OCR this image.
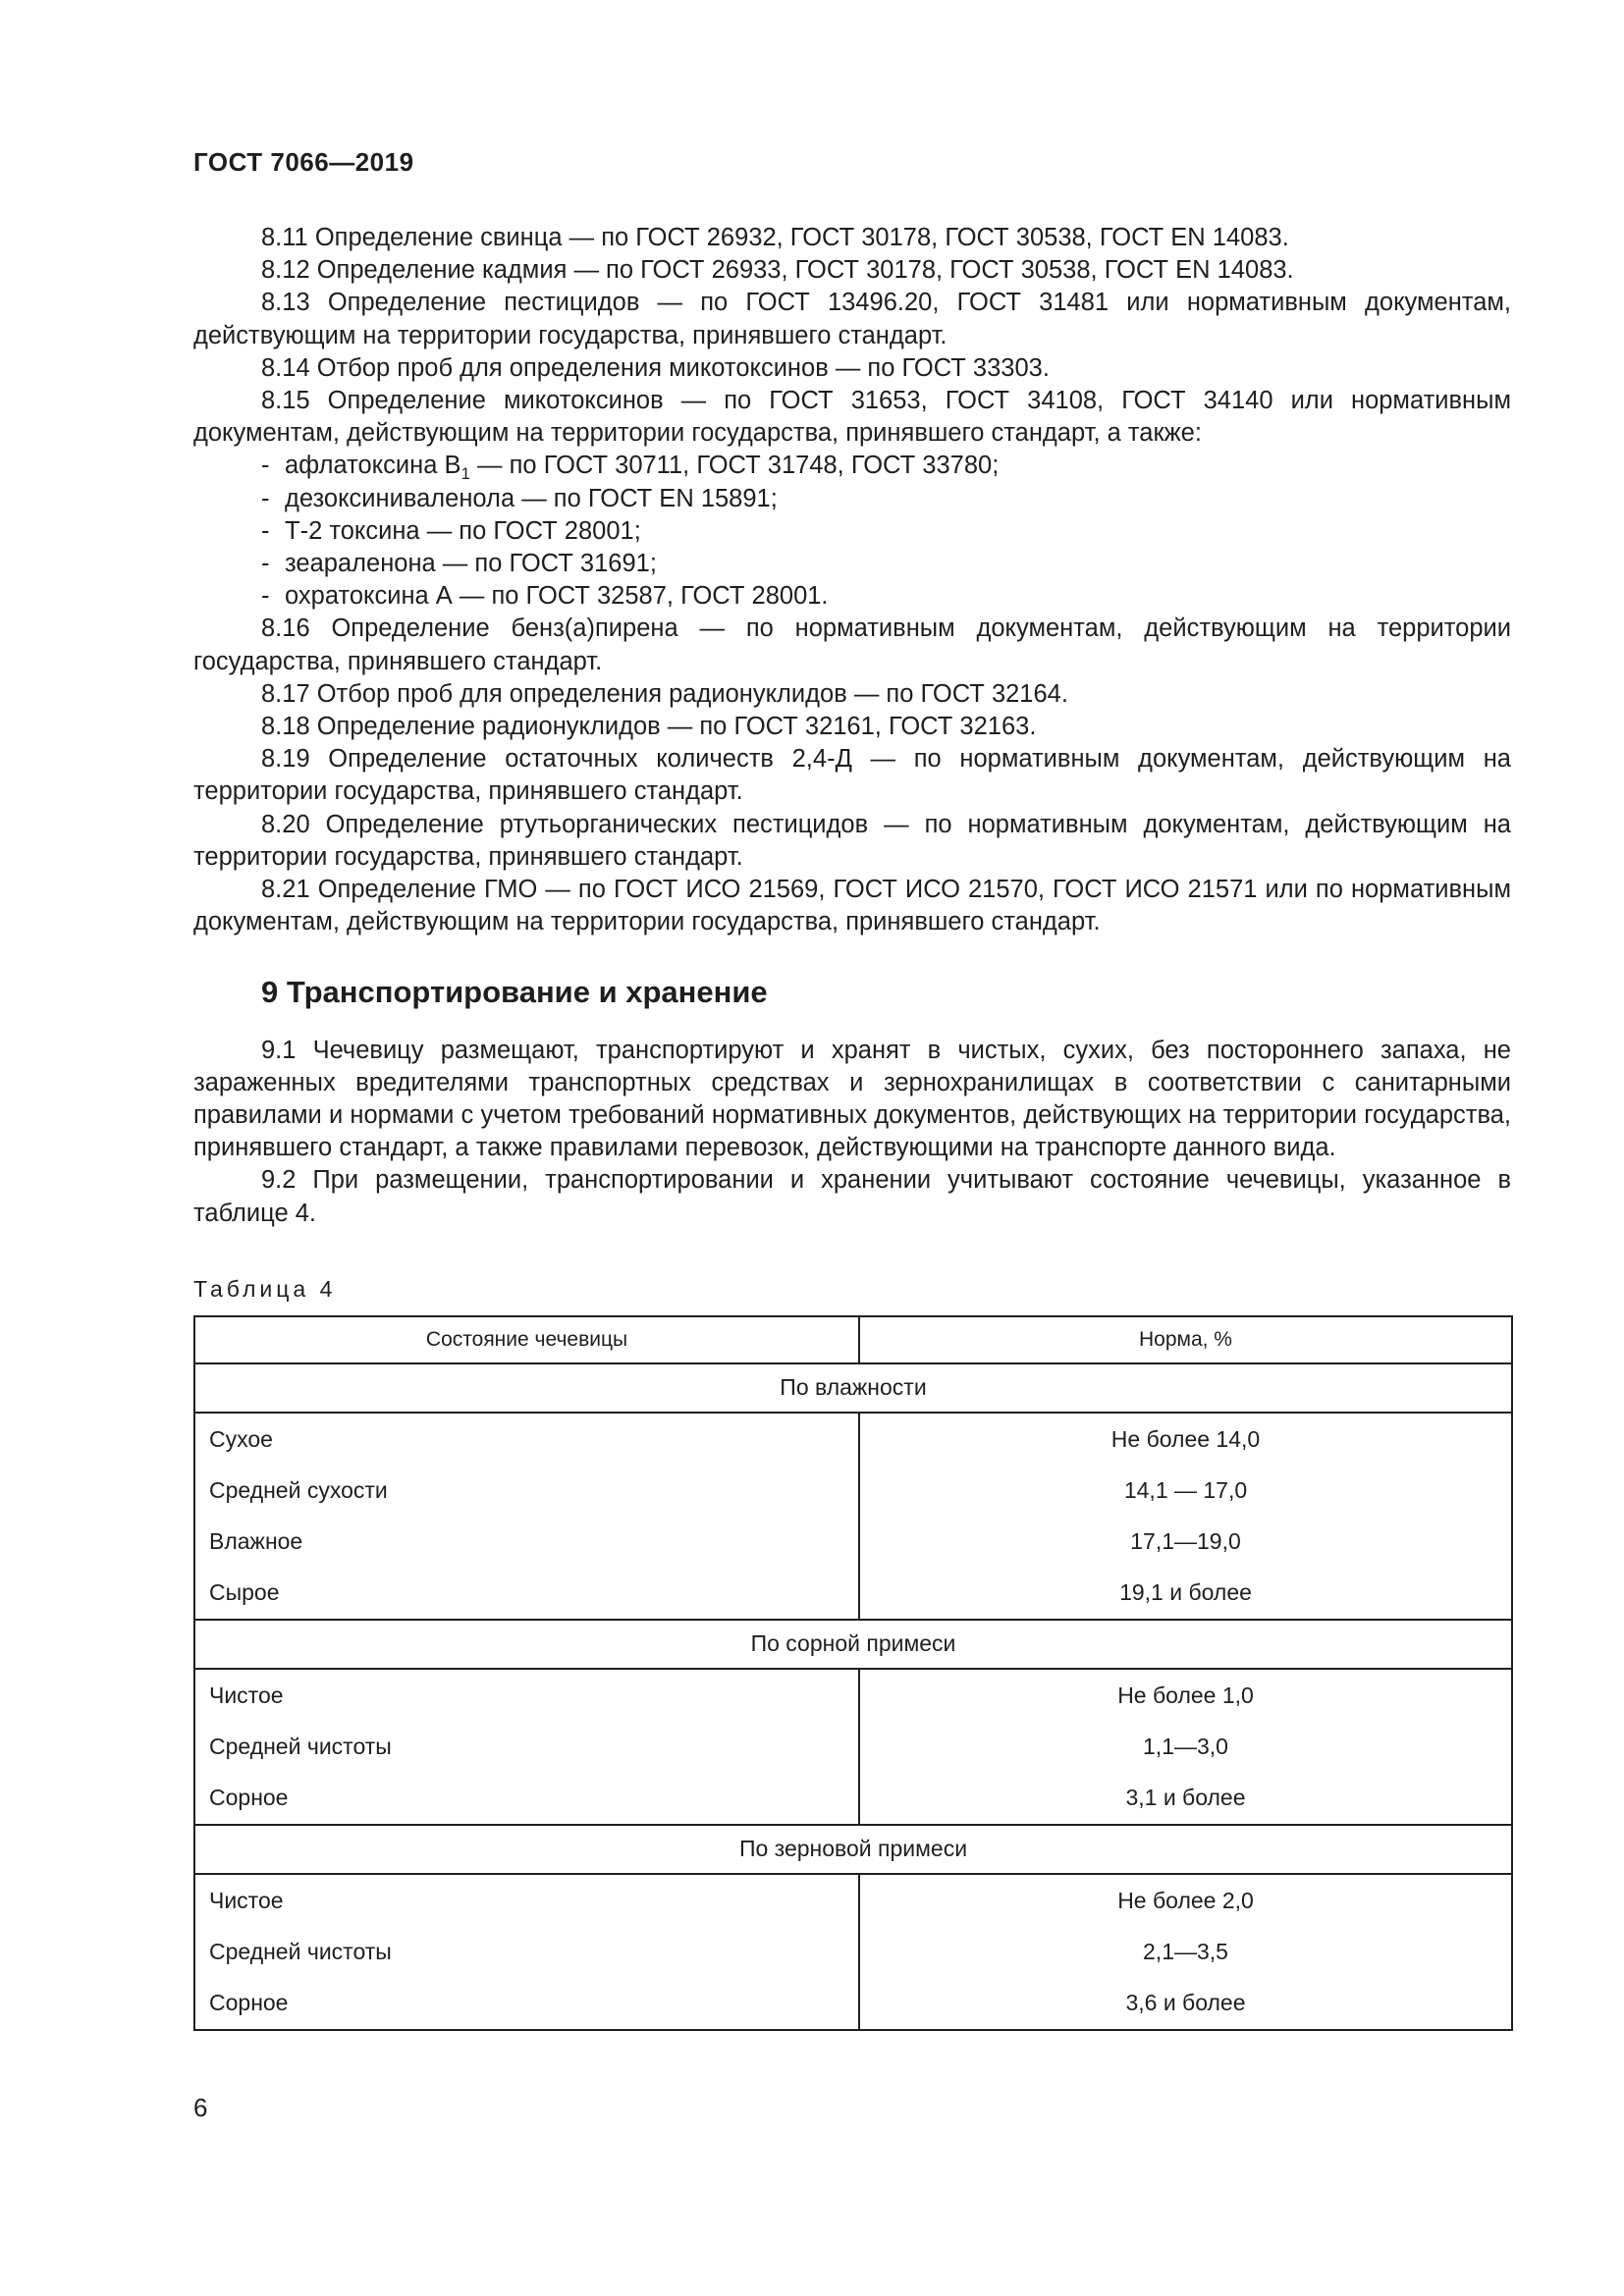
ГОСТ 7066—2019

8.11 Определение свинца — по ГОСТ 26932, ГОСТ 30178, ГОСТ 30538, ГОСТ EN 14083.

8.12 Определение кадмия — по ГОСТ 26933, ГОСТ 30178, ГОСТ 30538, ГОСТ EN 14083.

8.13 Определение пестицидов — по ГОСТ 13496.20, ГОСТ 31481 или нормативным документам, действующим на территории государства, принявшего стандарт.

8.14 Отбор проб для определения микотоксинов — по ГОСТ 33303.

8.15 Определение микотоксинов — по ГОСТ 31653, ГОСТ 34108, ГОСТ 34140 или нормативным документам, действующим на территории государства, принявшего стандарт, а также:

- афлатоксина $B_1$ — по ГОСТ 30711, ГОСТ 31748, ГОСТ 33780;
- дезоксиниваленола — по ГОСТ EN 15891;
- Т-2 токсина — по ГОСТ 28001;
- зеараленона — по ГОСТ 31691;
- охратоксина А — по ГОСТ 32587, ГОСТ 28001.

8.16 Определение бенз(а)пирена — по нормативным документам, действующим на территории государства, принявшего стандарт.

8.17 Отбор проб для определения радионуклидов — по ГОСТ 32164.

8.18 Определение радионуклидов — по ГОСТ 32161, ГОСТ 32163.

8.19 Определение остаточных количеств 2,4-Д — по нормативным документам, действующим на территории государства, принявшего стандарт.

8.20 Определение ртутьорганических пестицидов — по нормативным документам, действующим на территории государства, принявшего стандарт.

8.21 Определение ГМО — по ГОСТ ИСО 21569, ГОСТ ИСО 21570, ГОСТ ИСО 21571 или по нормативным документам, действующим на территории государства, принявшего стандарт.

9 Транспортирование и хранение

9.1 Чечевицу размещают, транспортируют и хранят в чистых, сухих, без постороннего запаха, не зараженных вредителями транспортных средствах и зернохранилищах в соответствии с санитарными правилами и нормами с учетом требований нормативных документов, действующих на территории государства, принявшего стандарт, а также правилами перевозок, действующими на транспорте данного вида.

9.2 При размещении, транспортировании и хранении учитывают состояние чечевицы, указанное в таблице 4.

Таблица 4
Состояние чечевицы	Норма, %
По влажности	
Сухое	Не более 14,0
Средней сухости	14,1 — 17,0
Влажное	17,1—19,0
Сырое	19,1 и более
По сорной примеси	
Чистое	Не более 1,0
Средней чистоты	1,1—3,0
Сорное	3,1 и более
По зерновой примеси	
Чистое	Не более 2,0
Средней чистоты	2,1—3,5
Сорное	3,6 и более
6
